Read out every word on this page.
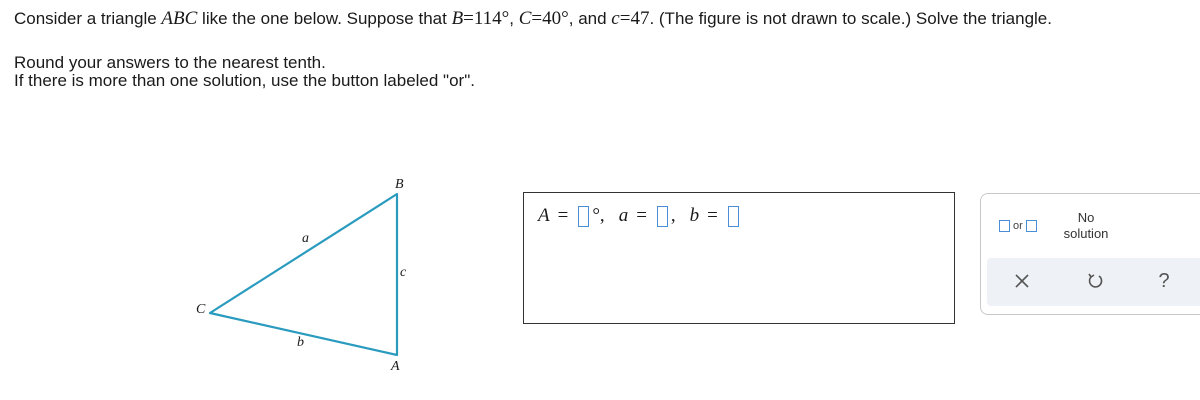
Consider a triangle ABC like the one below. Suppose that B=114°, C=40°, and c=47. (The figure is not drawn to scale.) Solve the triangle.
Round your answers to the nearest tenth.
If there is more than one solution, use the button labeled "or".
B
A
C
a
c
b
A = °, a = , b =	or
No solution
?
